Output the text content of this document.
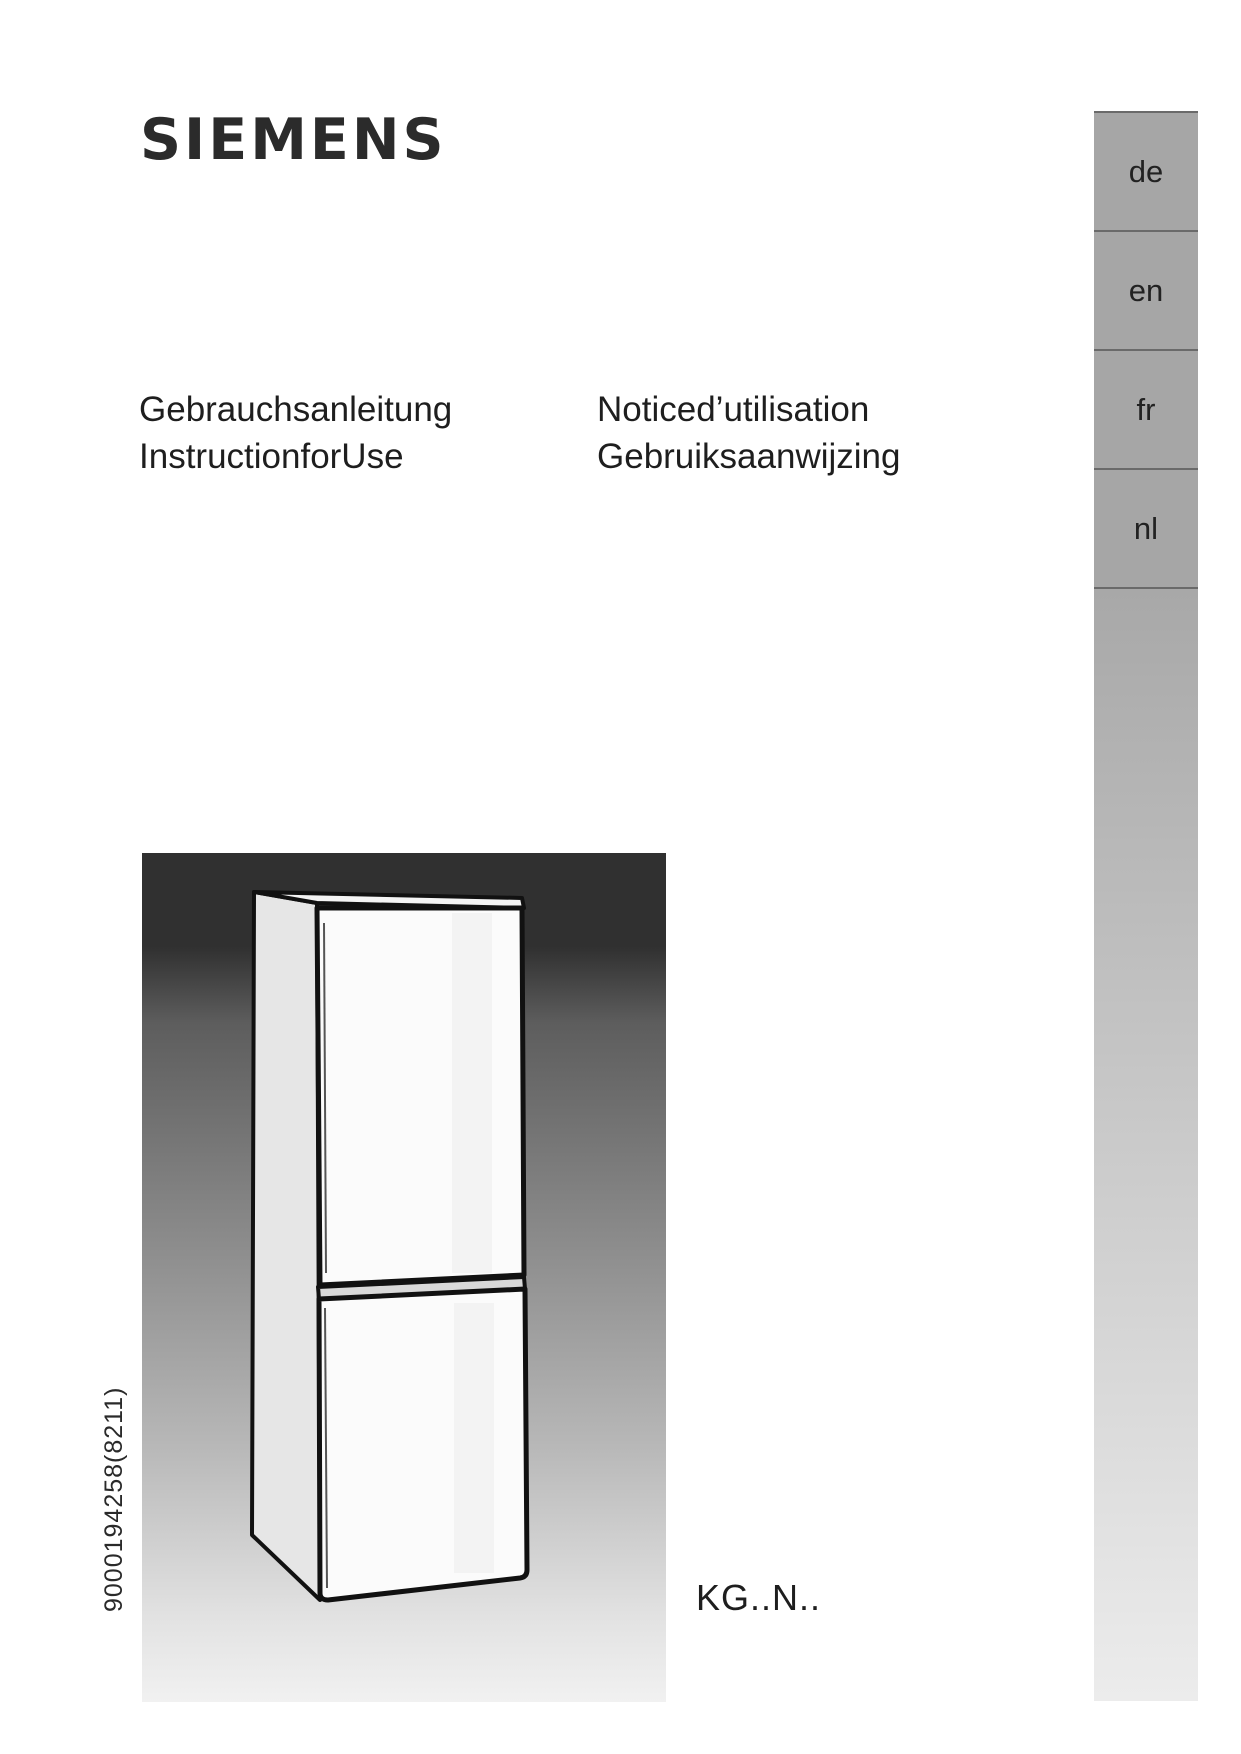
SIEMENS
Gebrauchsanleitung
InstructionforUse
Noticed’utilisation
Gebruiksaanwijzing
de
en
fr
nl
9000194258(8211)	KG..N..
